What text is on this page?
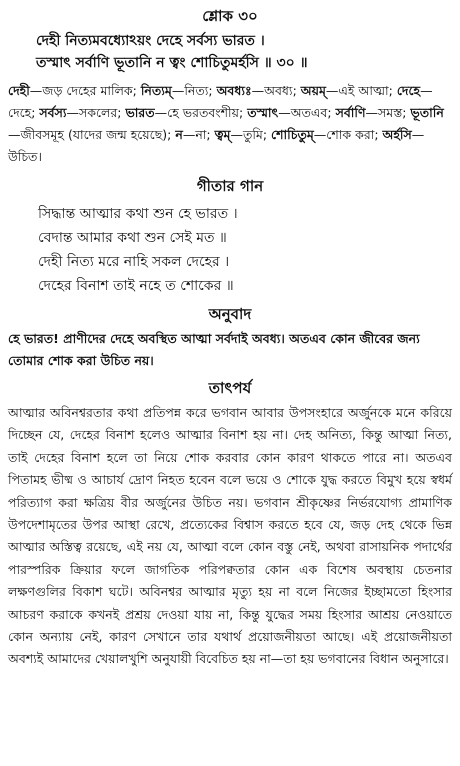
শ্লোক ৩০
দেহী নিত্যমবধ্যোঽয়ং দেহে সর্বস্য ভারত ।
তস্মাৎ সর্বাণি ভূতানি ন ত্বং শোচিতুমর্হসি ॥ ৩০ ॥
দেহী—জড় দেহের মালিক; নিত্যম্—নিত্য; অবধ্যঃ—অবধ্য; অয়ম্—এই আত্মা; দেহে—দেহে; সর্বস্য—সকলের; ভারত—হে ভরতবংশীয়; তস্মাৎ—অতএব; সর্বাণি—সমস্ত; ভূতানি—জীবসমূহ (যাদের জন্ম হয়েছে); ন—না; ত্বম্—তুমি; শোচিতুম্—শোক করা; অর্হসি—উচিত।
গীতার গান
সিদ্ধান্ত আত্মার কথা শুন হে ভারত ।
বেদান্ত আমার কথা শুন সেই মত ॥
দেহী নিত্য মরে নাহি সকল দেহের ।
দেহের বিনাশ তাই নহে ত শোকের ॥
অনুবাদ
হে ভারত! প্রাণীদের দেহে অবস্থিত আত্মা সর্বদাই অবধ্য। অতএব কোন জীবের জন্য তোমার শোক করা উচিত নয়।
তাৎপর্য
আত্মার অবিনশ্বরতার কথা প্রতিপন্ন করে ভগবান আবার উপসংহারে অর্জুনকে মনে করিয়ে দিচ্ছেন যে, দেহের বিনাশ হলেও আত্মার বিনাশ হয় না। দেহ অনিত্য, কিন্তু আত্মা নিত্য, তাই দেহের বিনাশ হলে তা নিয়ে শোক করবার কোন কারণ থাকতে পারে না। অতএব পিতামহ ভীষ্ম ও আচার্য দ্রোণ নিহত হবেন বলে ভয়ে ও শোকে যুদ্ধ করতে বিমুখ হয়ে স্বধর্ম পরিত্যাগ করা ক্ষত্রিয় বীর অর্জুনের উচিত নয়। ভগবান শ্রীকৃষ্ণের নির্ভরযোগ্য প্রামাণিক উপদেশামৃতের উপর আস্থা রেখে, প্রত্যেকের বিশ্বাস করতে হবে যে, জড় দেহ থেকে ভিন্ন আত্মার অস্তিত্ব রয়েছে, এই নয় যে, আত্মা বলে কোন বস্তু নেই, অথবা রাসায়নিক পদার্থের পারস্পরিক ক্রিয়ার ফলে জাগতিক পরিপক্বতার কোন এক বিশেষ অবস্থায় চেতনার লক্ষণগুলির বিকাশ ঘটে। অবিনশ্বর আত্মার মৃত্যু হয় না বলে নিজের ইচ্ছামতো হিংসার আচরণ করাকে কখনই প্রশ্রয় দেওয়া যায় না, কিন্তু যুদ্ধের সময় হিংসার আশ্রয় নেওয়াতে কোন অন্যায় নেই, কারণ সেখানে তার যথার্থ প্রয়োজনীয়তা আছে। এই প্রয়োজনীয়তা অবশ্যই আমাদের খেয়ালখুশি অনুযায়ী বিবেচিত হয় না—তা হয় ভগবানের বিধান অনুসারে।
